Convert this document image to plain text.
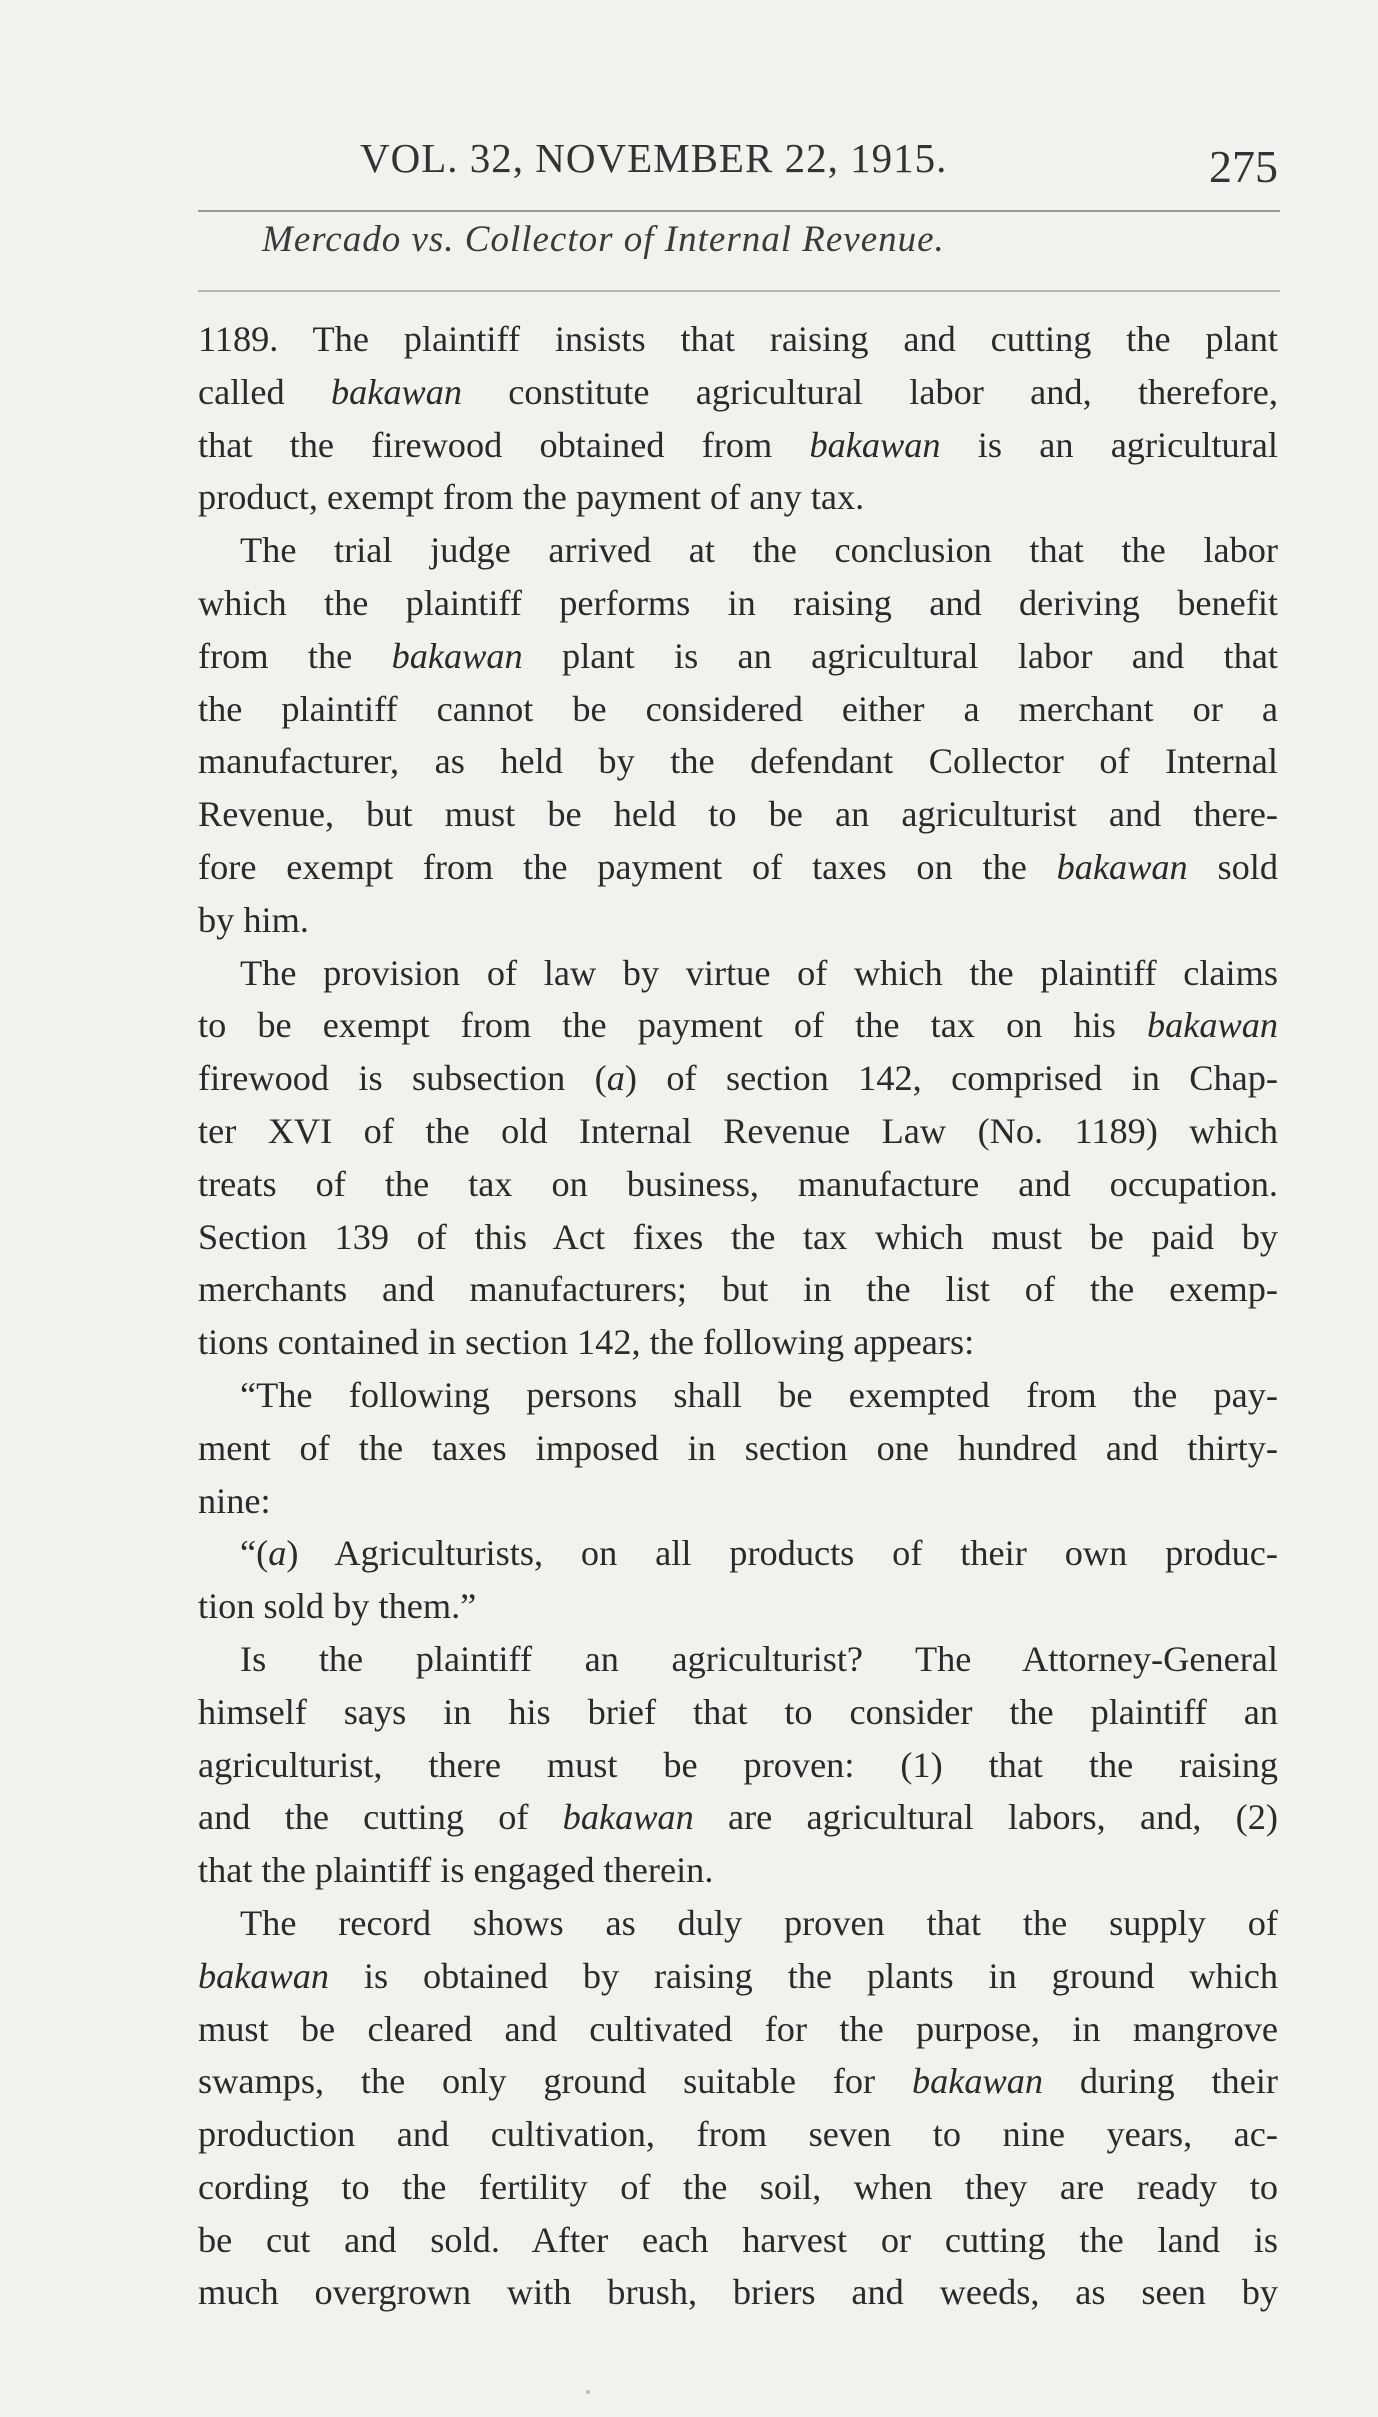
VOL. 32, NOVEMBER 22, 1915.	275
Mercado vs. Collector of Internal Revenue.

1189. The plaintiff insists that raising and cutting the plant

called bakawan constitute agricultural labor and, therefore,

that the firewood obtained from bakawan is an agricultural

product, exempt from the payment of any tax.

The trial judge arrived at the conclusion that the labor

which the plaintiff performs in raising and deriving benefit

from the bakawan plant is an agricultural labor and that

the plaintiff cannot be considered either a merchant or a

manufacturer, as held by the defendant Collector of Internal

Revenue, but must be held to be an agriculturist and there-

fore exempt from the payment of taxes on the bakawan sold

by him.

The provision of law by virtue of which the plaintiff claims

to be exempt from the payment of the tax on his bakawan

firewood is subsection (a) of section 142, comprised in Chap-

ter XVI of the old Internal Revenue Law (No. 1189) which

treats of the tax on business, manufacture and occupation.

Section 139 of this Act fixes the tax which must be paid by

merchants and manufacturers; but in the list of the exemp-

tions contained in section 142, the following appears:

“The following persons shall be exempted from the pay-

ment of the taxes imposed in section one hundred and thirty-

nine:

“(a) Agriculturists, on all products of their own produc-

tion sold by them.”

Is the plaintiff an agriculturist? The Attorney-General

himself says in his brief that to consider the plaintiff an

agriculturist, there must be proven: (1) that the raising

and the cutting of bakawan are agricultural labors, and, (2)

that the plaintiff is engaged therein.

The record shows as duly proven that the supply of

bakawan is obtained by raising the plants in ground which

must be cleared and cultivated for the purpose, in mangrove

swamps, the only ground suitable for bakawan during their

production and cultivation, from seven to nine years, ac-

cording to the fertility of the soil, when they are ready to

be cut and sold. After each harvest or cutting the land is

much overgrown with brush, briers and weeds, as seen by
